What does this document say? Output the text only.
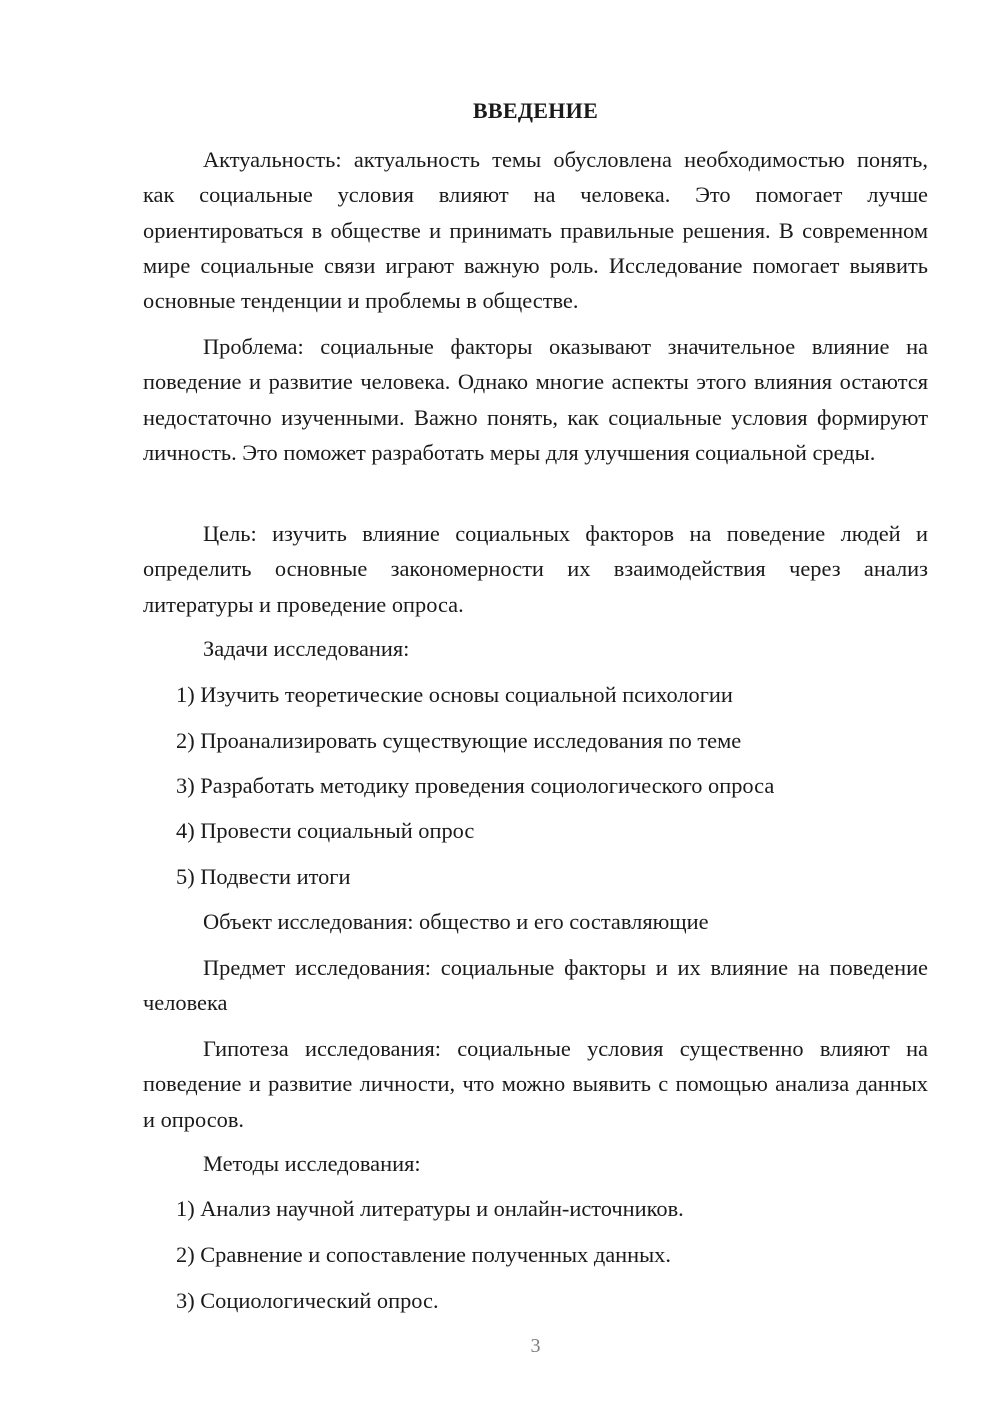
ВВЕДЕНИЕ

Актуальность: актуальность темы обусловлена необходимостью понять, как социальные условия влияют на человека. Это помогает лучше ориентироваться в обществе и принимать правильные решения. В современном мире социальные связи играют важную роль. Исследование помогает выявить основные тенденции и проблемы в обществе.

Проблема: социальные факторы оказывают значительное влияние на поведение и развитие человека. Однако многие аспекты этого влияния остаются недостаточно изученными. Важно понять, как социальные условия формируют личность. Это поможет разработать меры для улучшения социальной среды.

Цель: изучить влияние социальных факторов на поведение людей и определить основные закономерности их взаимодействия через анализ литературы и проведение опроса.

Задачи исследования:

1) Изучить теоретические основы социальной психологии

2) Проанализировать существующие исследования по теме

3) Разработать методику проведения социологического опроса

4) Провести социальный опрос

5) Подвести итоги

Объект исследования: общество и его составляющие

Предмет исследования: социальные факторы и их влияние на поведение человека

Гипотеза исследования: социальные условия существенно влияют на поведение и развитие личности, что можно выявить с помощью анализа данных и опросов.

Методы исследования:

1) Анализ научной литературы и онлайн-источников.

2) Сравнение и сопоставление полученных данных.

3) Социологический опрос.

3
